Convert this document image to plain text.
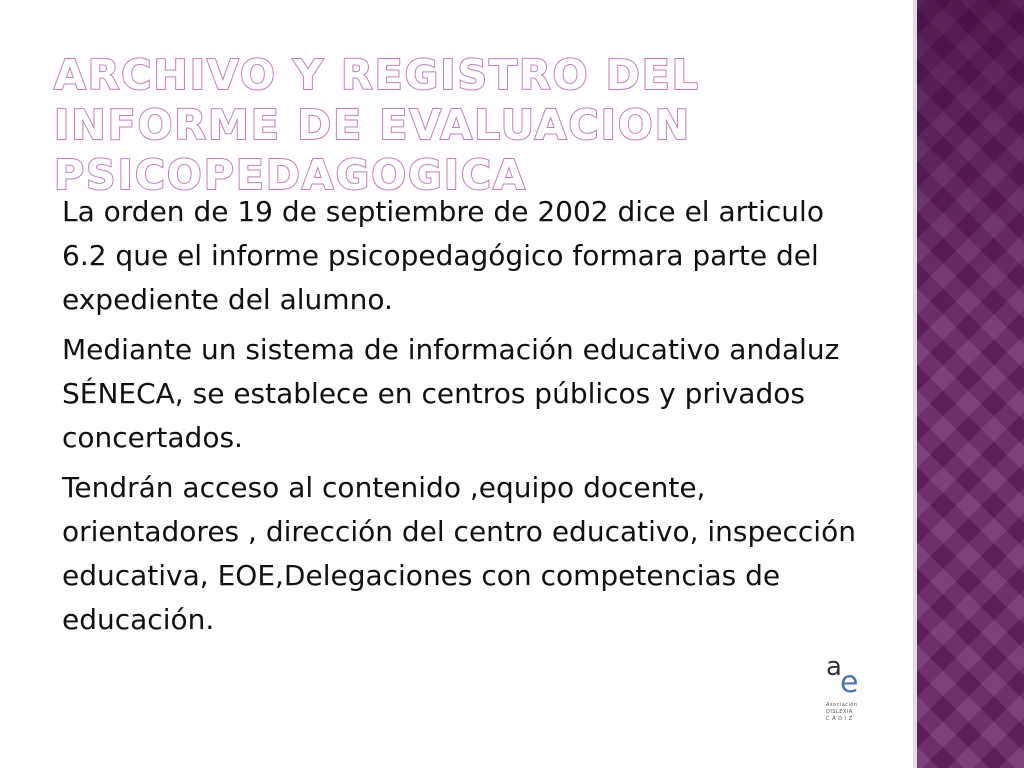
ARCHIVO Y REGISTRO DEL INFORME DE EVALUACION PSICOPEDAGOGICA

La orden de 19 de septiembre de 2002 dice el articulo 6.2 que el informe psicopedagógico formara parte del expediente del alumno.

Mediante un sistema de información educativo andaluz SÉNECA, se establece en centros públicos y privados concertados.

Tendrán acceso al contenido ,equipo docente, orientadores , dirección del centro educativo, inspección educativa, EOE,Delegaciones con competencias de educación.

a
e
Asociación
DISLEXIA
C Á D I Z
